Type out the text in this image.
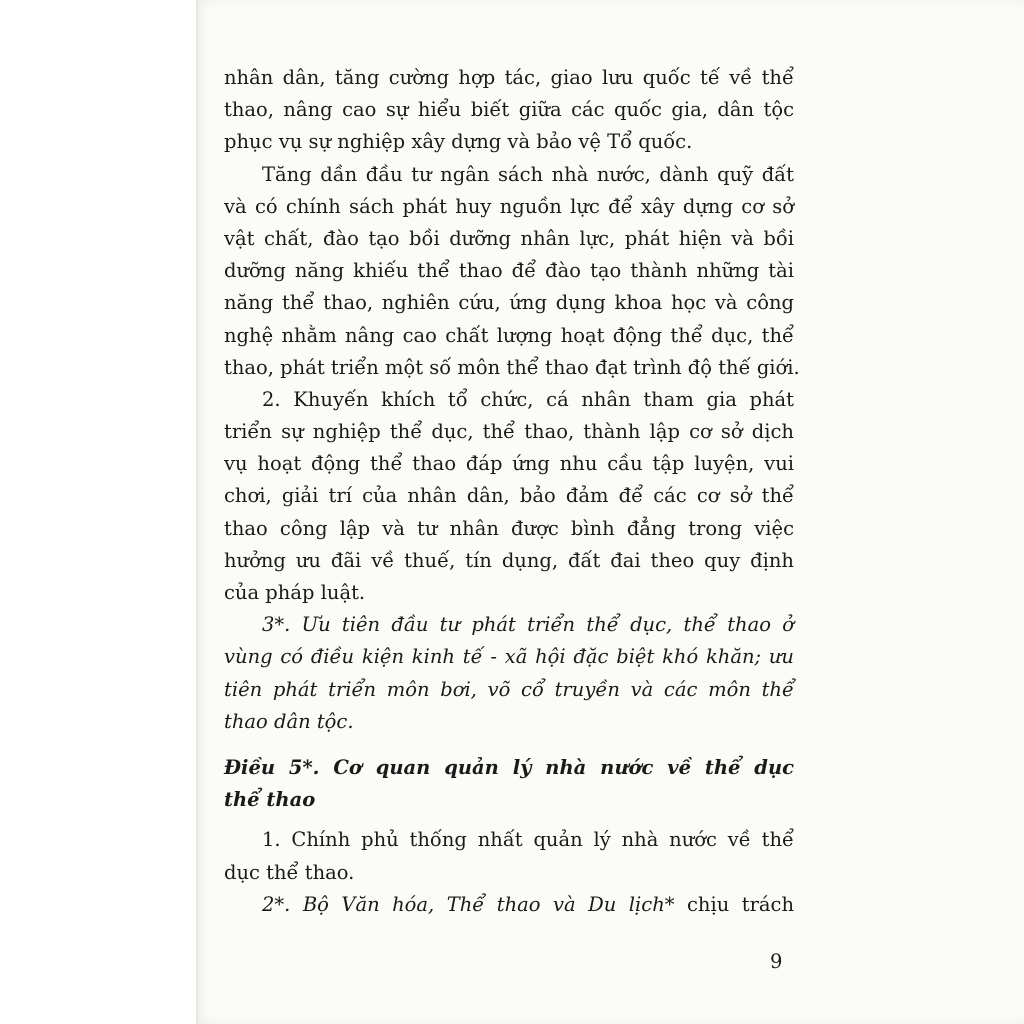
nhân dân, tăng cường hợp tác, giao lưu quốc tế về thể
thao, nâng cao sự hiểu biết giữa các quốc gia, dân tộc
phục vụ sự nghiệp xây dựng và bảo vệ Tổ quốc.
Tăng dần đầu tư ngân sách nhà nước, dành quỹ đất
và có chính sách phát huy nguồn lực để xây dựng cơ sở
vật chất, đào tạo bồi dưỡng nhân lực, phát hiện và bồi
dưỡng năng khiếu thể thao để đào tạo thành những tài
năng thể thao, nghiên cứu, ứng dụng khoa học và công
nghệ nhằm nâng cao chất lượng hoạt động thể dục, thể
thao, phát triển một số môn thể thao đạt trình độ thế giới.
2. Khuyến khích tổ chức, cá nhân tham gia phát
triển sự nghiệp thể dục, thể thao, thành lập cơ sở dịch
vụ hoạt động thể thao đáp ứng nhu cầu tập luyện, vui
chơi, giải trí của nhân dân, bảo đảm để các cơ sở thể
thao công lập và tư nhân được bình đẳng trong việc
hưởng ưu đãi về thuế, tín dụng, đất đai theo quy định
của pháp luật.
3*. Ưu tiên đầu tư phát triển thể dục, thể thao ở
vùng có điều kiện kinh tế - xã hội đặc biệt khó khăn; ưu
tiên phát triển môn bơi, võ cổ truyền và các môn thể
thao dân tộc.
Điều 5*. Cơ quan quản lý nhà nước về thể dục
thể thao
1. Chính phủ thống nhất quản lý nhà nước về thể
dục thể thao.
2*. Bộ Văn hóa, Thể thao và Du lịch* chịu trách
9
